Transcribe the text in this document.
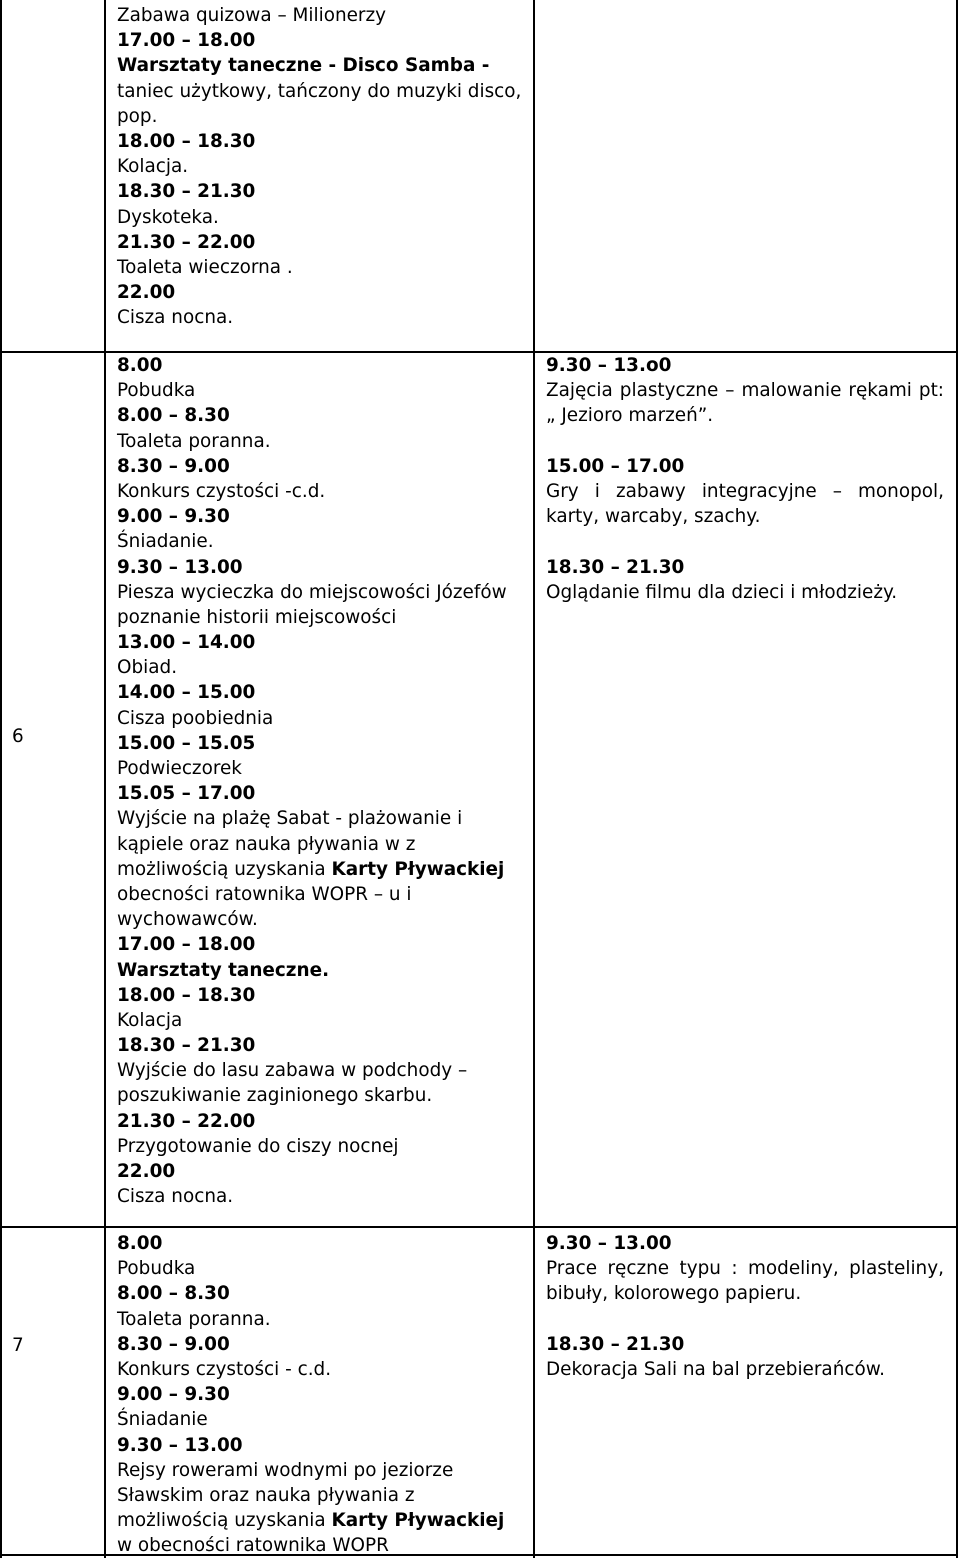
Zabawa quizowa – Milionerzy
17.00 – 18.00
Warsztaty taneczne - Disco Samba -
taniec użytkowy, tańczony do muzyki disco,
pop.
18.00 – 18.30
Kolacja.
18.30 – 21.30
Dyskoteka.
21.30 – 22.00
Toaleta wieczorna .
22.00
Cisza nocna.
6
8.00
Pobudka
8.00 – 8.30
Toaleta poranna.
8.30 – 9.00
Konkurs czystości -c.d.
9.00 – 9.30
Śniadanie.
9.30 – 13.00
Piesza wycieczka do miejscowości Józefów
poznanie historii miejscowości
13.00 – 14.00
Obiad.
14.00 – 15.00
Cisza poobiednia
15.00 – 15.05
Podwieczorek
15.05 – 17.00
Wyjście na plażę Sabat - plażowanie i
kąpiele oraz nauka pływania w z
możliwością uzyskania Karty Pływackiej
obecności ratownika WOPR – u i
wychowawców.
17.00 – 18.00
Warsztaty taneczne.
18.00 – 18.30
Kolacja
18.30 – 21.30
Wyjście do lasu zabawa w podchody –
poszukiwanie zaginionego skarbu.
21.30 – 22.00
Przygotowanie do ciszy nocnej
22.00
Cisza nocna.
9.30 – 13.o0
Zajęcia plastyczne – malowanie rękami pt:
„ Jezioro marzeń”.

15.00 – 17.00
Gry i zabawy integracyjne – monopol,
karty, warcaby, szachy.

18.30 – 21.30
Oglądanie filmu dla dzieci i młodzieży.
7
8.00
Pobudka
8.00 – 8.30
Toaleta poranna.
8.30 – 9.00
Konkurs czystości - c.d.
9.00 – 9.30
Śniadanie
9.30 – 13.00
Rejsy rowerami wodnymi po jeziorze
Sławskim oraz nauka pływania z
możliwością uzyskania Karty Pływackiej
w obecności ratownika WOPR
9.30 – 13.00
Prace ręczne typu : modeliny, plasteliny,
bibuły, kolorowego papieru.

18.30 – 21.30
Dekoracja Sali na bal przebierańców.
